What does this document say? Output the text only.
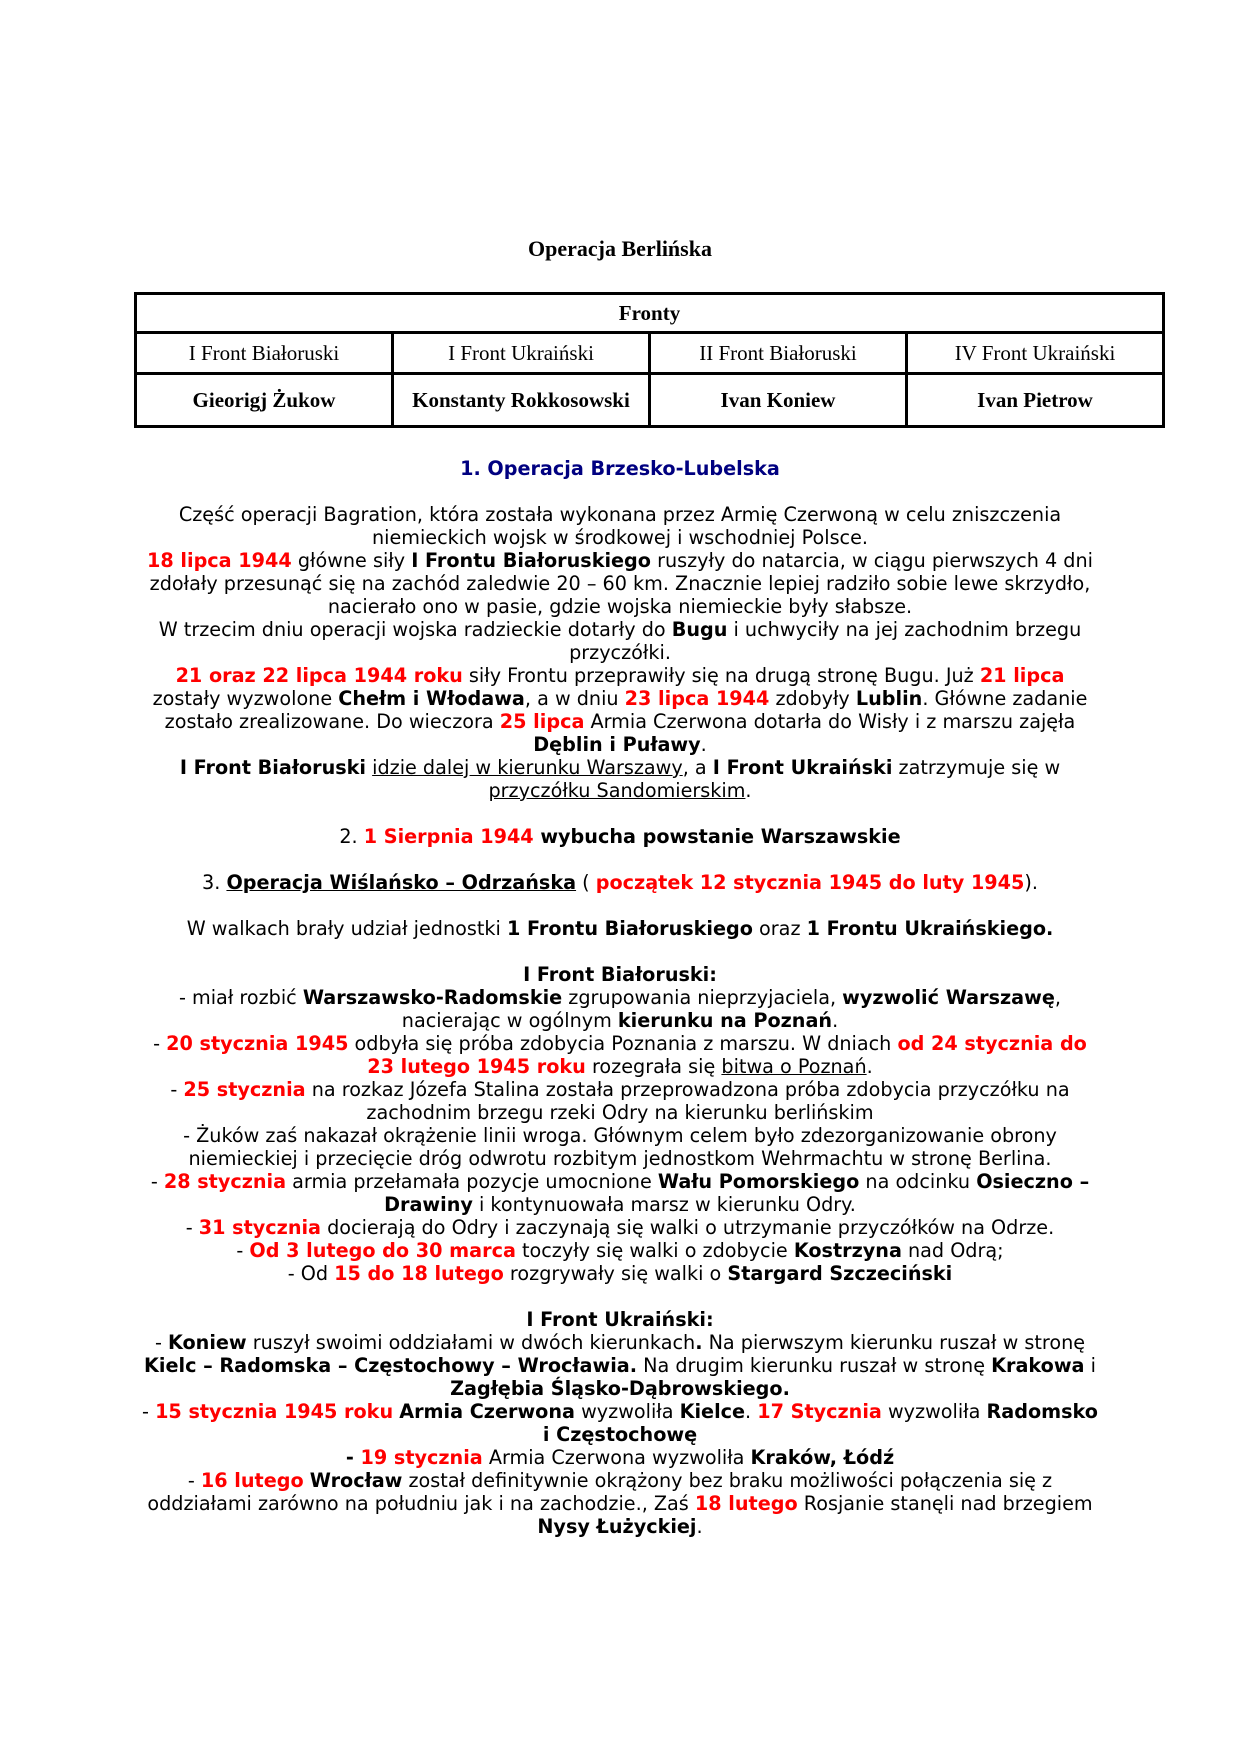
Operacja Berlińska
Fronty			
I Front Białoruski	I Front Ukraiński	II Front Białoruski	IV Front Ukraiński
Gieorigj Żukow	Konstanty Rokkosowski	Ivan Koniew	Ivan Pietrow

1. Operacja Brzesko-Lubelska

Część operacji Bagration, która została wykonana przez Armię Czerwoną w celu zniszczenia niemieckich wojsk w środkowej i wschodniej Polsce.

18 lipca 1944 główne siły I Frontu Białoruskiego ruszyły do natarcia, w ciągu pierwszych 4 dni zdołały przesunąć się na zachód zaledwie 20 – 60 km. Znacznie lepiej radziło sobie lewe skrzydło, nacierało ono w pasie, gdzie wojska niemieckie były słabsze.

W trzecim dniu operacji wojska radzieckie dotarły do Bugu i uchwyciły na jej zachodnim brzegu przyczółki.

21 oraz 22 lipca 1944 roku siły Frontu przeprawiły się na drugą stronę Bugu. Już 21 lipca zostały wyzwolone Chełm i Włodawa, a w dniu 23 lipca 1944 zdobyły Lublin. Główne zadanie zostało zrealizowane. Do wieczora 25 lipca Armia Czerwona dotarła do Wisły i z marszu zajęła Dęblin i Puławy.

I Front Białoruski idzie dalej w kierunku Warszawy, a I Front Ukraiński zatrzymuje się w przyczółku Sandomierskim.

2. 1 Sierpnia 1944 wybucha powstanie Warszawskie

3. Operacja Wiślańsko – Odrzańska ( początek 12 stycznia 1945 do luty 1945).

W walkach brały udział jednostki 1 Frontu Białoruskiego oraz 1 Frontu Ukraińskiego.

I Front Białoruski:

- miał rozbić Warszawsko-Radomskie zgrupowania nieprzyjaciela, wyzwolić Warszawę, nacierając w ogólnym kierunku na Poznań.

- 20 stycznia 1945 odbyła się próba zdobycia Poznania z marszu. W dniach od 24 stycznia do 23 lutego 1945 roku rozegrała się bitwa o Poznań.

- 25 stycznia na rozkaz Józefa Stalina została przeprowadzona próba zdobycia przyczółku na zachodnim brzegu rzeki Odry na kierunku berlińskim

- Żuków zaś nakazał okrążenie linii wroga. Głównym celem było zdezorganizowanie obrony niemieckiej i przecięcie dróg odwrotu rozbitym jednostkom Wehrmachtu w stronę Berlina.

- 28 stycznia armia przełamała pozycje umocnione Wału Pomorskiego na odcinku Osieczno – Drawiny i kontynuowała marsz w kierunku Odry.

- 31 stycznia docierają do Odry i zaczynają się walki o utrzymanie przyczółków na Odrze.

- Od 3 lutego do 30 marca toczyły się walki o zdobycie Kostrzyna nad Odrą;

- Od 15 do 18 lutego rozgrywały się walki o Stargard Szczeciński

I Front Ukraiński:

- Koniew ruszył swoimi oddziałami w dwóch kierunkach. Na pierwszym kierunku ruszał w stronę Kielc – Radomska – Częstochowy – Wrocławia. Na drugim kierunku ruszał w stronę Krakowa i Zagłębia Śląsko-Dąbrowskiego.

- 15 stycznia 1945 roku Armia Czerwona wyzwoliła Kielce. 17 Stycznia wyzwoliła Radomsko i Częstochowę

- 19 stycznia Armia Czerwona wyzwoliła Kraków, Łódź

- 16 lutego Wrocław został definitywnie okrążony bez braku możliwości połączenia się z oddziałami zarówno na południu jak i na zachodzie., Zaś 18 lutego Rosjanie stanęli nad brzegiem Nysy Łużyckiej.
